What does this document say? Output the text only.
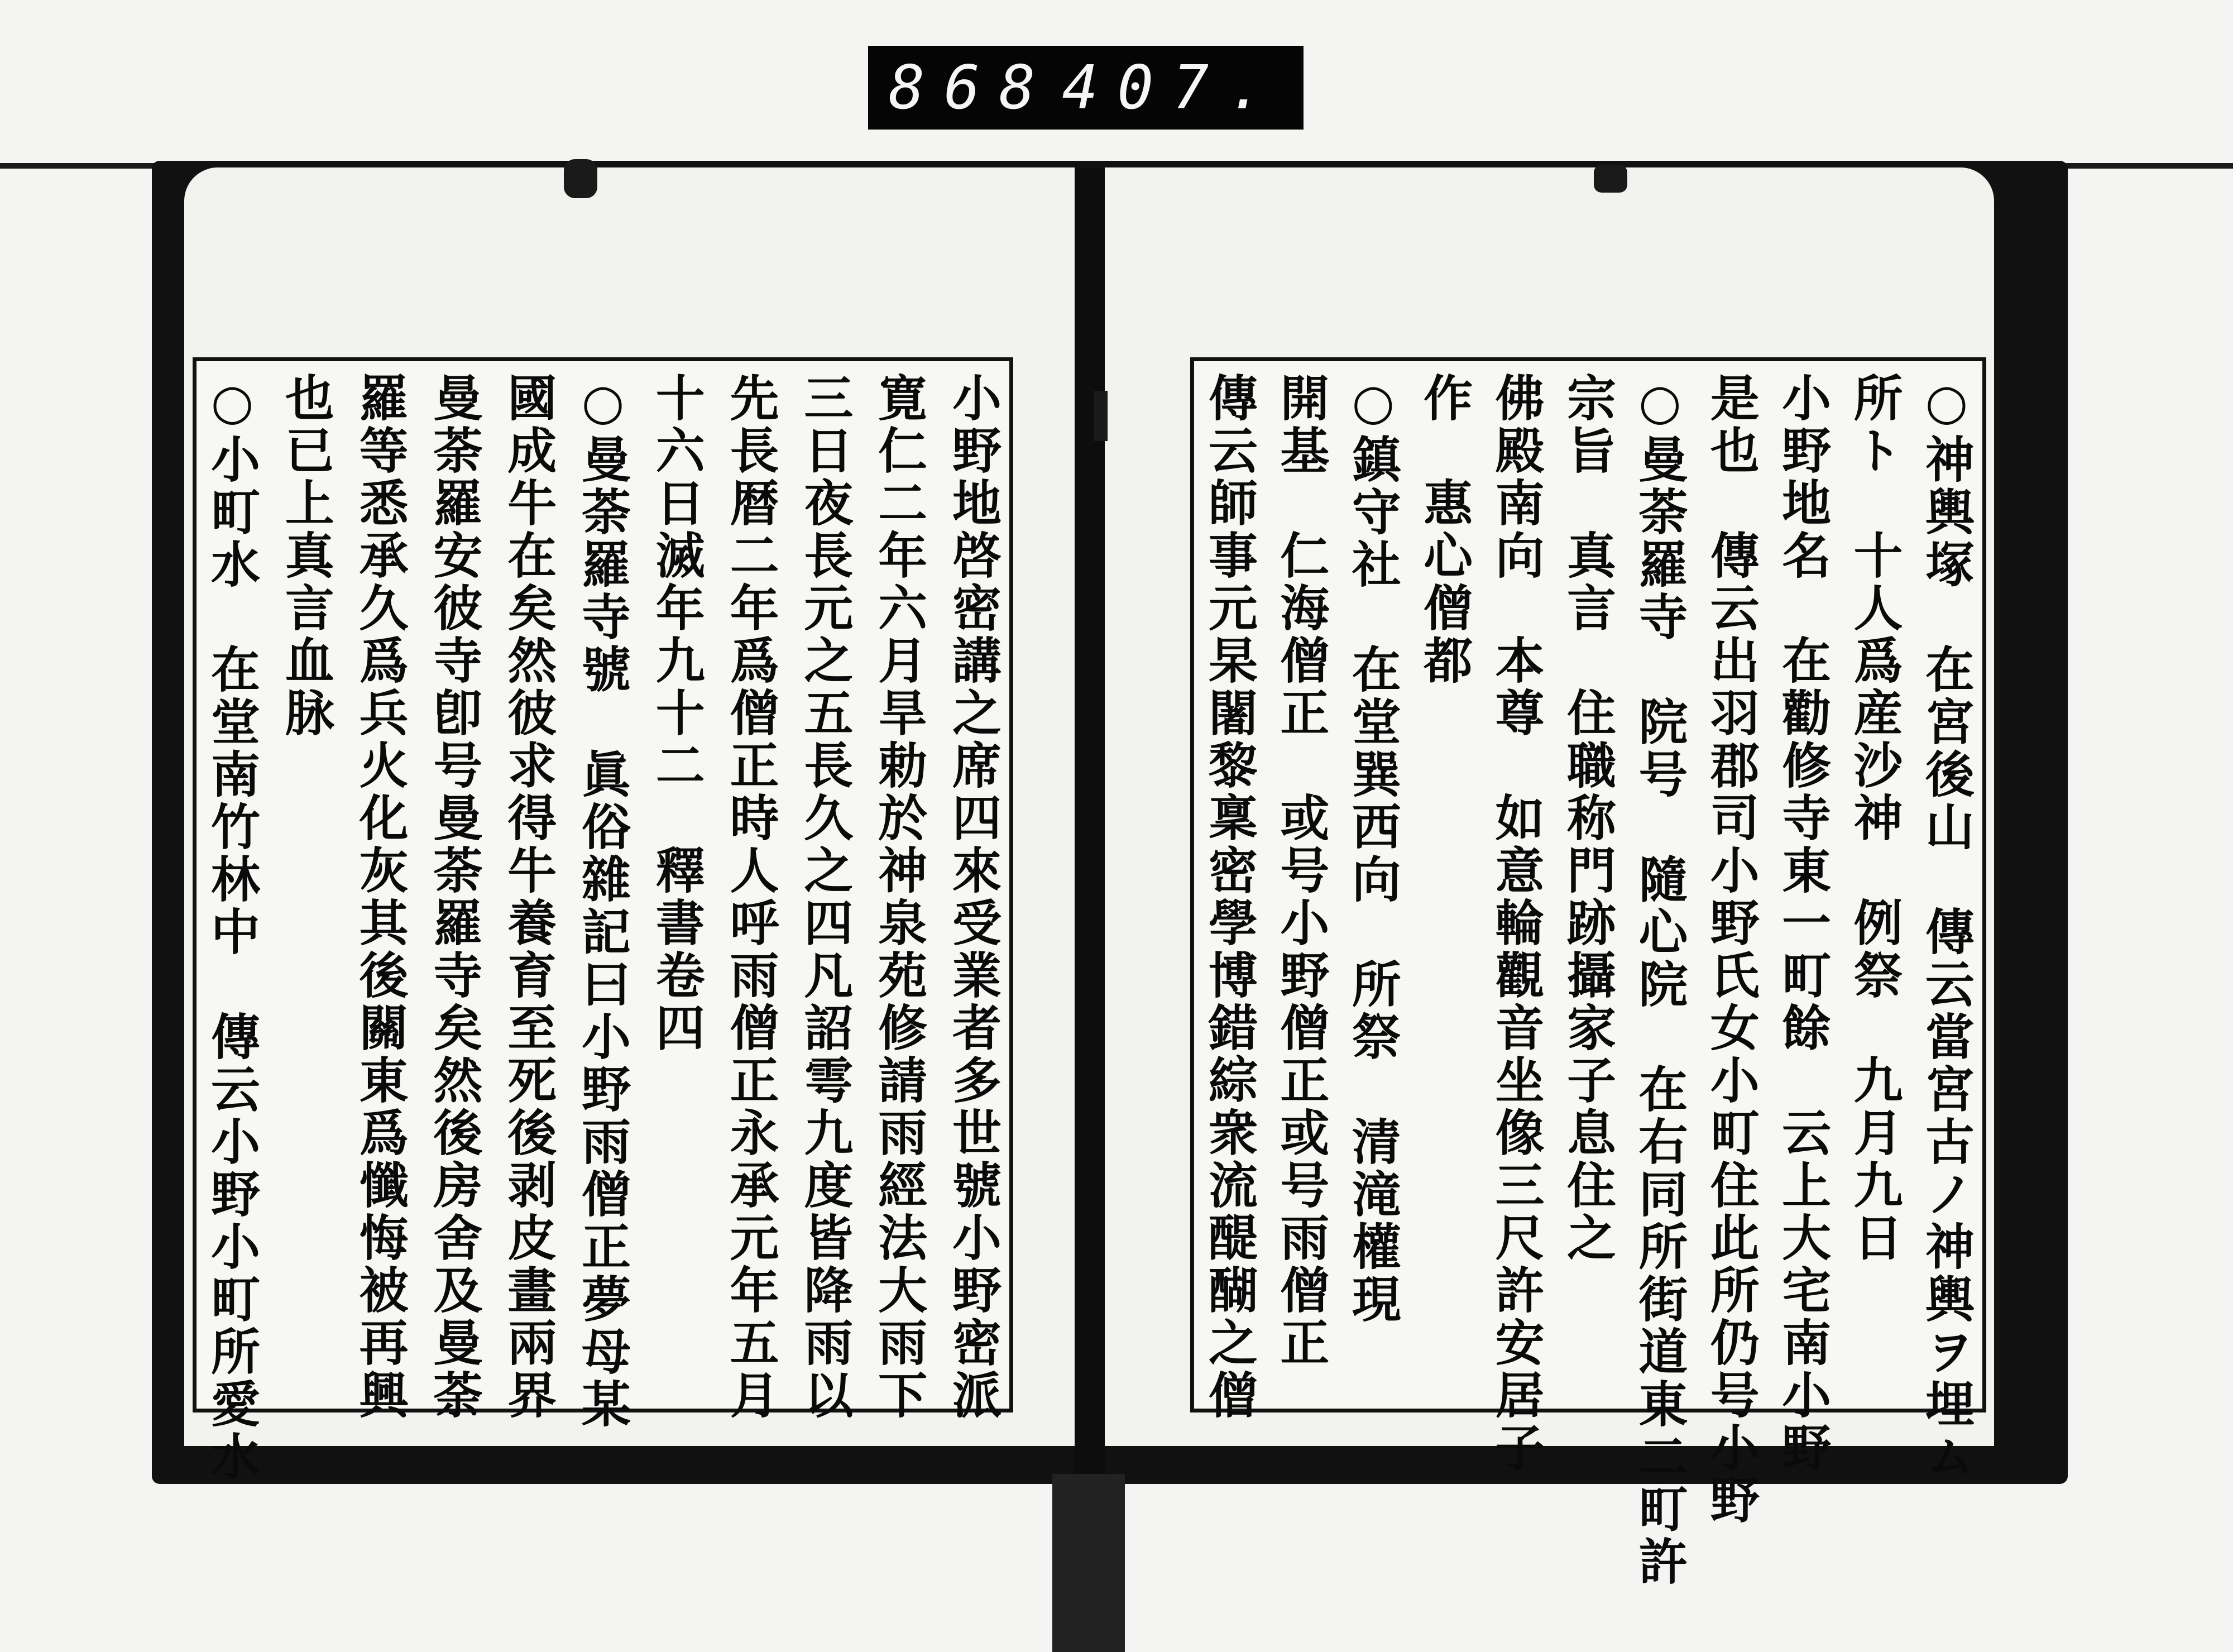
868 407.
○神輿塚　在宮後山　傳云當宮古ノ神輿ヲ埋ム
所ト　十人爲産沙神　例祭　九月九日
小野地名　在勸修寺東一町餘　云上大宅南小野
是也　傳云出羽郡司小野氏女小町住此所仍号小野
○曼荼羅寺　院号　隨心院　在右同所街道東二町許
宗旨　真言　住職称門跡攝家子息住之
佛殿南向　本尊　如意輪觀音坐像三尺許安居子
作　惠心僧都
○鎮守社　在堂巽西向　所祭　清滝權現
開基　仁海僧正　或号小野僧正或号雨僧正
傳云師事元杲闍黎稟密學博錯綜衆流醍醐之僧
小野地啓密講之席四來受業者多世號小野密派
寛仁二年六月旱勅於神泉苑修請雨經法大雨下
三日夜長元之五長久之四凡詔雩九度皆降雨以
先長暦二年爲僧正時人呼雨僧正永承元年五月
十六日滅年九十二　釋書卷四
○曼荼羅寺號　眞俗雜記曰小野雨僧正夢母某
國成牛在矣然彼求得牛養育至死後剥皮畫兩界
曼荼羅安彼寺卽号曼荼羅寺矣然後房舍及曼荼
羅等悉承久爲兵火化灰其後關東爲懺悔被再興
也已上真言血脉
○小町水　在堂南竹林中　傳云小野小町所愛水
